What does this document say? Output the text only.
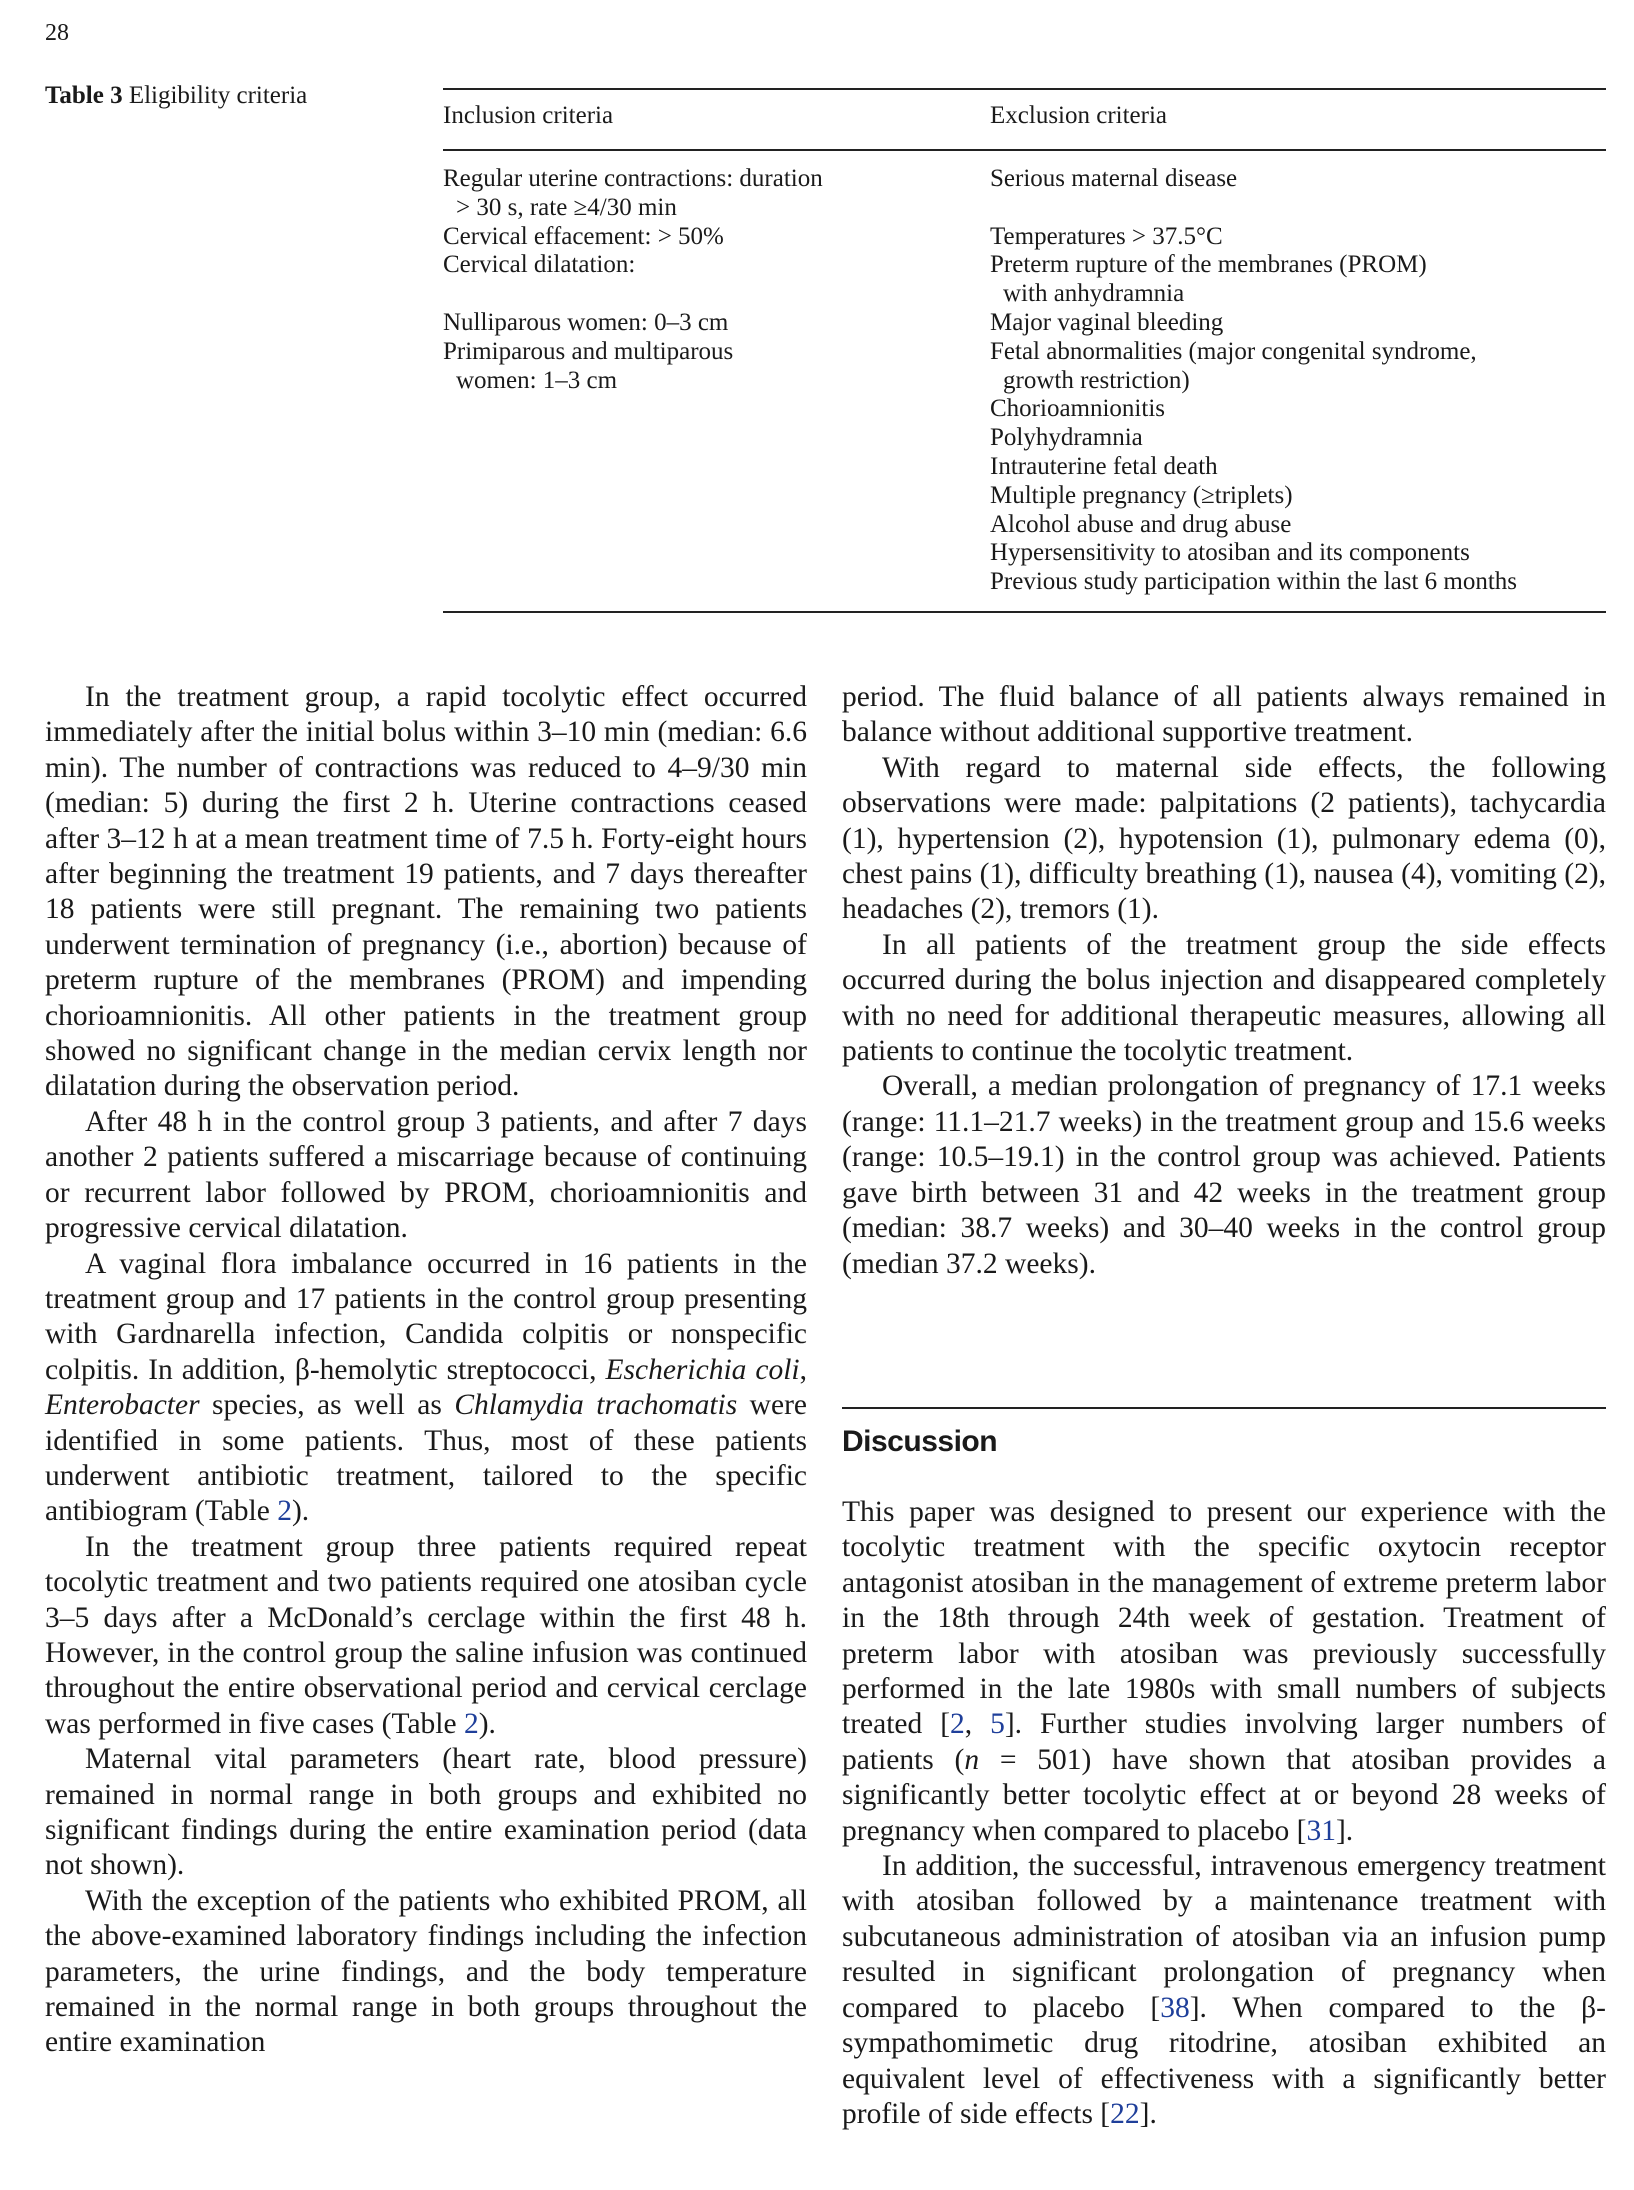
28
Table 3 Eligibility criteria
Inclusion criteria	Exclusion criteria
Regular uterine contractions: duration
> 30 s, rate ≥4/30 min
Cervical effacement: > 50%
Cervical dilatation:
Nulliparous women: 0–3 cm
Primiparous and multiparous
women: 1–3 cm
Serious maternal disease
Temperatures > 37.5°C
Preterm rupture of the membranes (PROM)
with anhydramnia
Major vaginal bleeding
Fetal abnormalities (major congenital syndrome,
growth restriction)
Chorioamnionitis
Polyhydramnia
Intrauterine fetal death
Multiple pregnancy (≥triplets)
Alcohol abuse and drug abuse
Hypersensitivity to atosiban and its components
Previous study participation within the last 6 months

In the treatment group, a rapid tocolytic effect occurred immediately after the initial bolus within 3–10 min (median: 6.6 min). The number of contractions was reduced to 4–9/30 min (median: 5) during the first 2 h. Uterine contractions ceased after 3–12 h at a mean treatment time of 7.5 h. Forty-eight hours after beginning the treatment 19 patients, and 7 days thereafter 18 patients were still pregnant. The remaining two patients underwent termination of pregnancy (i.e., abortion) because of preterm rupture of the membranes (PROM) and impending chorioamnionitis. All other patients in the treatment group showed no significant change in the median cervix length nor dilatation during the observation period.

After 48 h in the control group 3 patients, and after 7 days another 2 patients suffered a miscarriage because of continuing or recurrent labor followed by PROM, chorioamnionitis and progressive cervical dilatation.

A vaginal flora imbalance occurred in 16 patients in the treatment group and 17 patients in the control group presenting with Gardnarella infection, Candida colpitis or nonspecific colpitis. In addition, β-hemolytic streptococci, Escherichia coli, Enterobacter species, as well as Chlamydia trachomatis were identified in some patients. Thus, most of these patients underwent antibiotic treatment, tailored to the specific antibiogram (Table 2).

In the treatment group three patients required repeat tocolytic treatment and two patients required one atosiban cycle 3–5 days after a McDonald’s cerclage within the first 48 h. However, in the control group the saline infusion was continued throughout the entire observational period and cervical cerclage was performed in five cases (Table 2).

Maternal vital parameters (heart rate, blood pressure) remained in normal range in both groups and exhibited no significant findings during the entire examination period (data not shown).

With the exception of the patients who exhibited PROM, all the above-examined laboratory findings including the infection parameters, the urine findings, and the body temperature remained in the normal range in both groups throughout the entire examination

period. The fluid balance of all patients always remained in balance without additional supportive treatment.

With regard to maternal side effects, the following observations were made: palpitations (2 patients), tachycardia (1), hypertension (2), hypotension (1), pulmonary edema (0), chest pains (1), difficulty breathing (1), nausea (4), vomiting (2), headaches (2), tremors (1).

In all patients of the treatment group the side effects occurred during the bolus injection and disappeared completely with no need for additional therapeutic measures, allowing all patients to continue the tocolytic treatment.

Overall, a median prolongation of pregnancy of 17.1 weeks (range: 11.1–21.7 weeks) in the treatment group and 15.6 weeks (range: 10.5–19.1) in the control group was achieved. Patients gave birth between 31 and 42 weeks in the treatment group (median: 38.7 weeks) and 30–40 weeks in the control group (median 37.2 weeks).

Discussion

This paper was designed to present our experience with the tocolytic treatment with the specific oxytocin receptor antagonist atosiban in the management of extreme preterm labor in the 18th through 24th week of gestation. Treatment of preterm labor with atosiban was previously successfully performed in the late 1980s with small numbers of subjects treated [2, 5]. Further studies involving larger numbers of patients (n = 501) have shown that atosiban provides a significantly better tocolytic effect at or beyond 28 weeks of pregnancy when compared to placebo [31].

In addition, the successful, intravenous emergency treatment with atosiban followed by a maintenance treatment with subcutaneous administration of atosiban via an infusion pump resulted in significant prolongation of pregnancy when compared to placebo [38]. When compared to the β-sympathomimetic drug ritodrine, atosiban exhibited an equivalent level of effectiveness with a significantly better profile of side effects [22].
